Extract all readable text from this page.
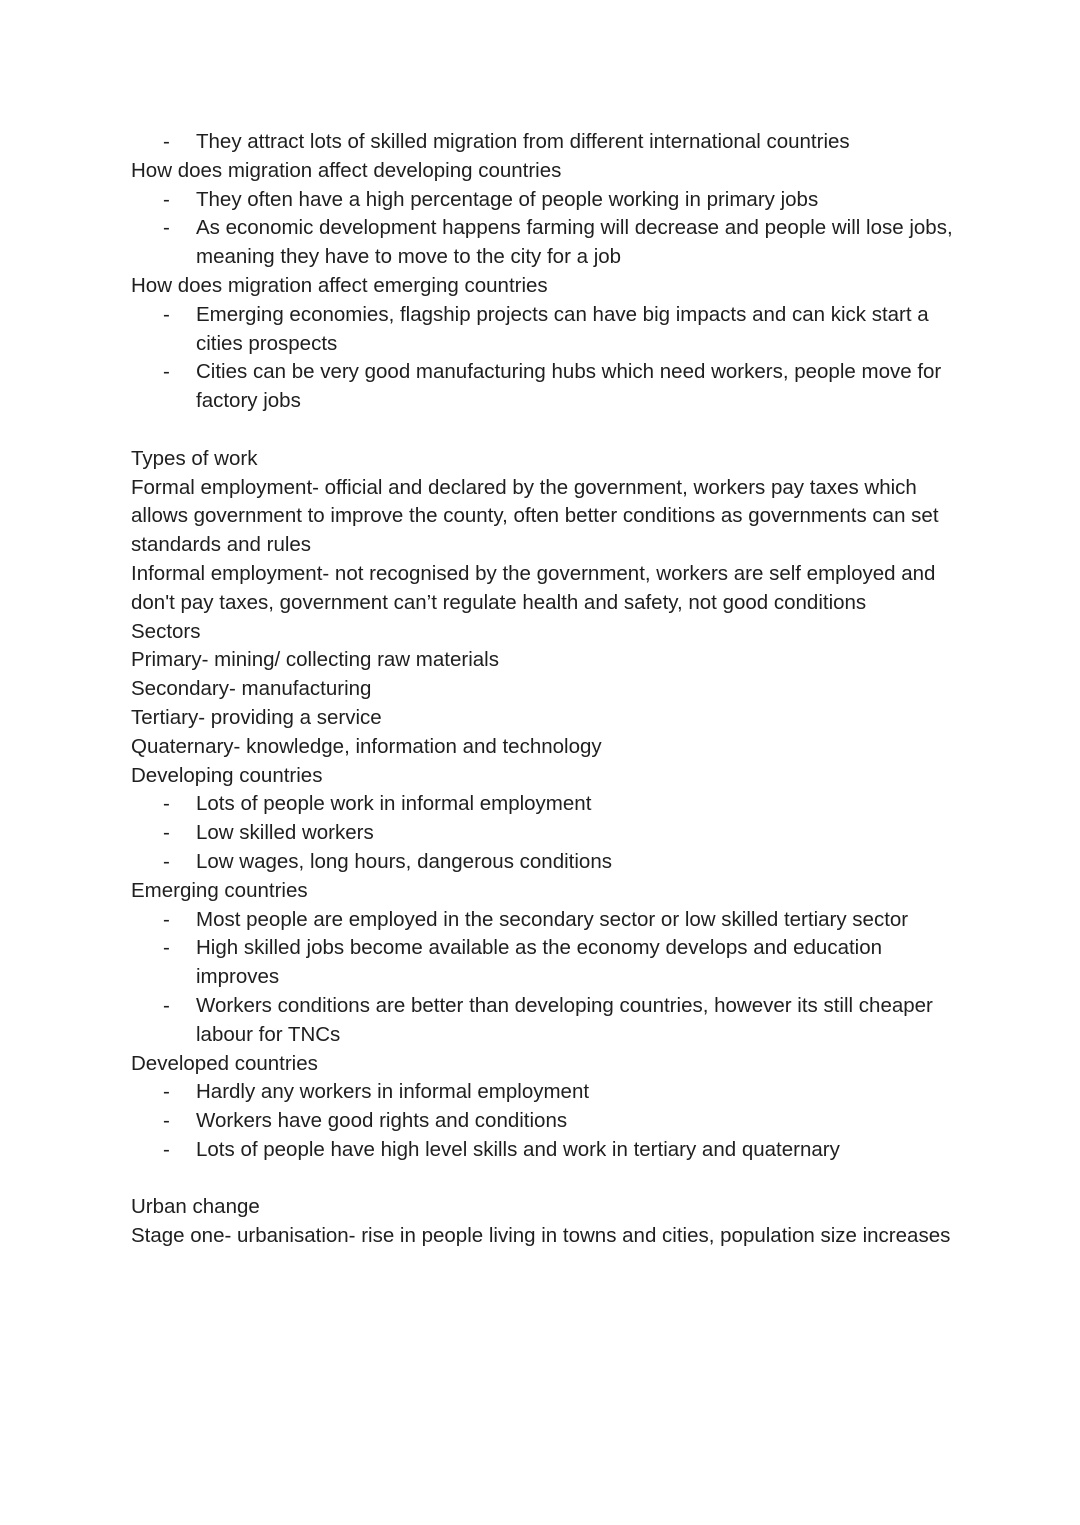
- They attract lots of skilled migration from different international countries

How does migration affect developing countries

- They often have a high percentage of people working in primary jobs
- As economic development happens farming will decrease and people will lose jobs, meaning they have to move to the city for a job

How does migration affect emerging countries

- Emerging economies, flagship projects can have big impacts and can kick start a cities prospects
- Cities can be very good manufacturing hubs which need workers, people move for factory jobs

Types of work

Formal employment- official and declared by the government, workers pay taxes which allows government to improve the county, often better conditions as governments can set standards and rules

Informal employment- not recognised by the government, workers are self employed and don't pay taxes, government can’t regulate health and safety, not good conditions

Sectors

Primary- mining/ collecting raw materials

Secondary- manufacturing

Tertiary- providing a service

Quaternary- knowledge, information and technology

Developing countries

- Lots of people work in informal employment
- Low skilled workers
- Low wages, long hours, dangerous conditions

Emerging countries

- Most people are employed in the secondary sector or low skilled tertiary sector
- High skilled jobs become available as the economy develops and education improves
- Workers conditions are better than developing countries, however its still cheaper labour for TNCs

Developed countries

- Hardly any workers in informal employment
- Workers have good rights and conditions
- Lots of people have high level skills and work in tertiary and quaternary

Urban change

Stage one- urbanisation- rise in people living in towns and cities, population size increases
